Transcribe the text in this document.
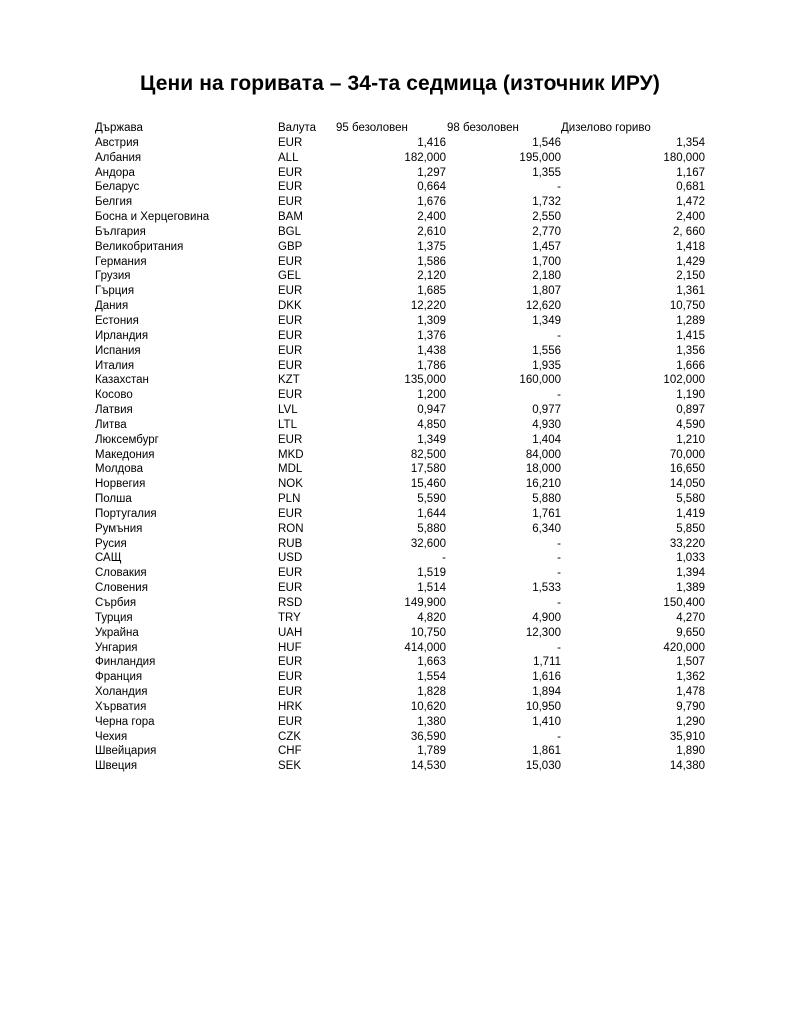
Цени на горивата – 34-та седмица (източник ИРУ)
Държава	Валута	95 безоловен	98 безоловен	Дизелово гориво
Австрия	EUR	1,416	1,546	1,354
Албания	ALL	182,000	195,000	180,000
Андора	EUR	1,297	1,355	1,167
Беларус	EUR	0,664	-	0,681
Белгия	EUR	1,676	1,732	1,472
Босна и Херцеговина	BAM	2,400	2,550	2,400
България	BGL	2,610	2,770	2, 660
Великобритания	GBP	1,375	1,457	1,418
Германия	EUR	1,586	1,700	1,429
Грузия	GEL	2,120	2,180	2,150
Гърция	EUR	1,685	1,807	1,361
Дания	DKK	12,220	12,620	10,750
Естония	EUR	1,309	1,349	1,289
Ирландия	EUR	1,376	-	1,415
Испания	EUR	1,438	1,556	1,356
Италия	EUR	1,786	1,935	1,666
Казахстан	KZT	135,000	160,000	102,000
Косово	EUR	1,200	-	1,190
Латвия	LVL	0,947	0,977	0,897
Литва	LTL	4,850	4,930	4,590
Люксембург	EUR	1,349	1,404	1,210
Македония	MKD	82,500	84,000	70,000
Молдова	MDL	17,580	18,000	16,650
Норвегия	NOK	15,460	16,210	14,050
Полша	PLN	5,590	5,880	5,580
Португалия	EUR	1,644	1,761	1,419
Румъния	RON	5,880	6,340	5,850
Русия	RUB	32,600	-	33,220
САЩ	USD	-	-	1,033
Словакия	EUR	1,519	-	1,394
Словения	EUR	1,514	1,533	1,389
Сърбия	RSD	149,900	-	150,400
Турция	TRY	4,820	4,900	4,270
Украйна	UAH	10,750	12,300	9,650
Унгария	HUF	414,000	-	420,000
Финландия	EUR	1,663	1,711	1,507
Франция	EUR	1,554	1,616	1,362
Холандия	EUR	1,828	1,894	1,478
Хърватия	HRK	10,620	10,950	9,790
Черна гора	EUR	1,380	1,410	1,290
Чехия	CZK	36,590	-	35,910
Швейцария	CHF	1,789	1,861	1,890
Швеция	SEK	14,530	15,030	14,380
